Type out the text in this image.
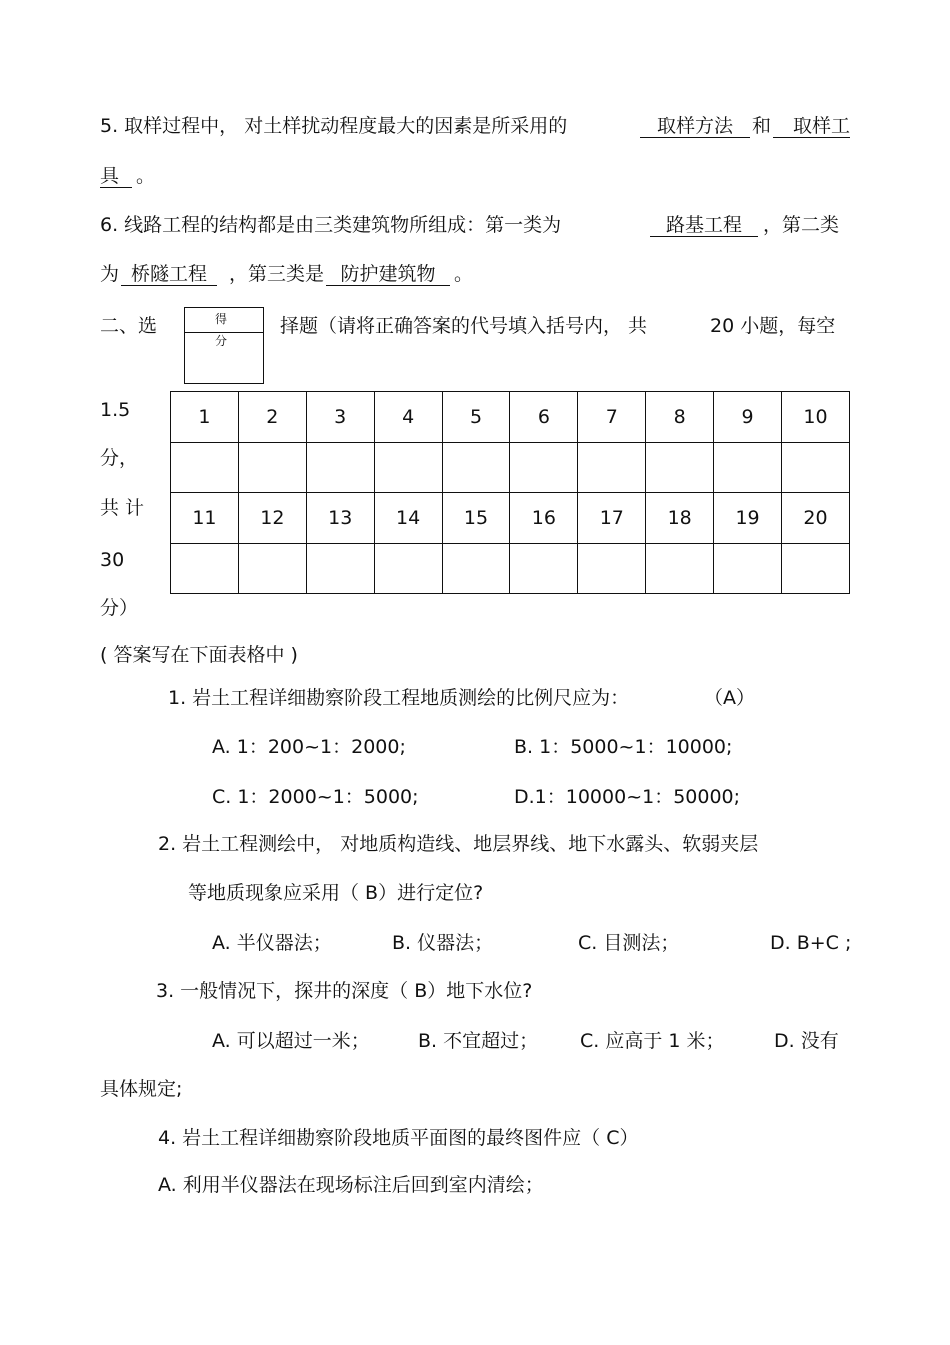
5. 取样过程中， 对土样扰动程度最大的因素是所采用的	取样方法	和	取样工
具 。
6. 线路工程的结构都是由三类建筑物所组成：第一类为	路基工程	，第二类
为 桥隧工程 ，第三类是 防护建筑物 。
二、选	得 分
择题（请将正确答案的代号填入括号内， 共	20 小题，每空
1.5
分，
共 计
30
分）
1	2	3	4	5	6	7	8	9	10

11	12	13	14	15	16	17	18	19	20

( 答案写在下面表格中 )
1. 岩土工程详细勘察阶段工程地质测绘的比例尺应为：	（A）
A. 1：200~1：2000;	B. 1：5000~1：10000;
C. 1：2000~1：5000;	D.1：10000~1：50000;
2. 岩土工程测绘中， 对地质构造线、地层界线、地下水露头、软弱夹层
等地质现象应采用（ B）进行定位?
A. 半仪器法；	B. 仪器法；	C. 目测法；	D. B+C ;
3. 一般情况下，探井的深度（ B）地下水位?
A. 可以超过一米；	B. 不宜超过； C. 应高于 1 米；	D. 没有
具体规定;
4. 岩土工程详细勘察阶段地质平面图的最终图件应（ C）
A. 利用半仪器法在现场标注后回到室内清绘；
